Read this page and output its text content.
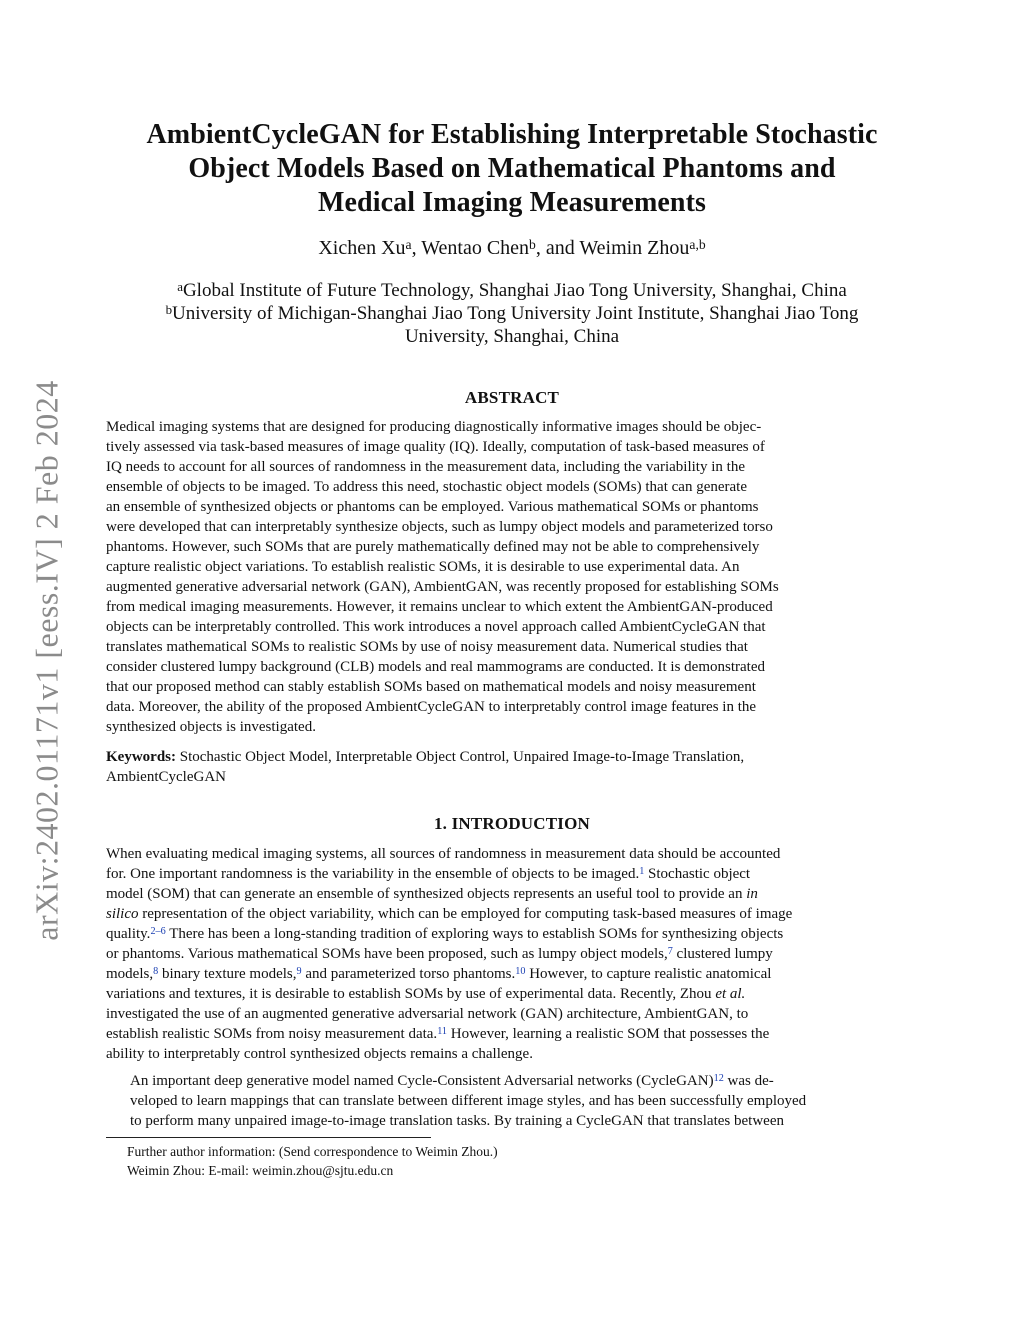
arXiv:2402.01171v1 [eess.IV] 2 Feb 2024
AmbientCycleGAN for Establishing Interpretable Stochastic
Object Models Based on Mathematical Phantoms and
Medical Imaging Measurements
Xichen Xu$^a$, Wentao Chen$^b$, and Weimin Zhou$^{a,b}$
$^a$Global Institute of Future Technology, Shanghai Jiao Tong University, Shanghai, China
$^b$University of Michigan-Shanghai Jiao Tong University Joint Institute, Shanghai Jiao Tong
University, Shanghai, China
ABSTRACT
Medical imaging systems that are designed for producing diagnostically informative images should be objec-
tively assessed via task-based measures of image quality (IQ). Ideally, computation of task-based measures of
IQ needs to account for all sources of randomness in the measurement data, including the variability in the
ensemble of objects to be imaged. To address this need, stochastic object models (SOMs) that can generate
an ensemble of synthesized objects or phantoms can be employed. Various mathematical SOMs or phantoms
were developed that can interpretably synthesize objects, such as lumpy object models and parameterized torso
phantoms. However, such SOMs that are purely mathematically defined may not be able to comprehensively
capture realistic object variations. To establish realistic SOMs, it is desirable to use experimental data. An
augmented generative adversarial network (GAN), AmbientGAN, was recently proposed for establishing SOMs
from medical imaging measurements. However, it remains unclear to which extent the AmbientGAN-produced
objects can be interpretably controlled. This work introduces a novel approach called AmbientCycleGAN that
translates mathematical SOMs to realistic SOMs by use of noisy measurement data. Numerical studies that
consider clustered lumpy background (CLB) models and real mammograms are conducted. It is demonstrated
that our proposed method can stably establish SOMs based on mathematical models and noisy measurement
data. Moreover, the ability of the proposed AmbientCycleGAN to interpretably control image features in the
synthesized objects is investigated.
Keywords: Stochastic Object Model, Interpretable Object Control, Unpaired Image-to-Image Translation,
AmbientCycleGAN
1. INTRODUCTION
When evaluating medical imaging systems, all sources of randomness in measurement data should be accounted
for. One important randomness is the variability in the ensemble of objects to be imaged.$^1$ Stochastic object
model (SOM) that can generate an ensemble of synthesized objects represents an useful tool to provide an in
silico representation of the object variability, which can be employed for computing task-based measures of image
quality.$^{2-6}$ There has been a long-standing tradition of exploring ways to establish SOMs for synthesizing objects
or phantoms. Various mathematical SOMs have been proposed, such as lumpy object models,$^7$ clustered lumpy
models,$^8$ binary texture models,$^9$ and parameterized torso phantoms.$^{10}$ However, to capture realistic anatomical
variations and textures, it is desirable to establish SOMs by use of experimental data. Recently, Zhou et al.
investigated the use of an augmented generative adversarial network (GAN) architecture, AmbientGAN, to
establish realistic SOMs from noisy measurement data.$^{11}$ However, learning a realistic SOM that possesses the
ability to interpretably control synthesized objects remains a challenge.
An important deep generative model named Cycle-Consistent Adversarial networks (CycleGAN)$^{12}$ was de-
veloped to learn mappings that can translate between different image styles, and has been successfully employed
to perform many unpaired image-to-image translation tasks. By training a CycleGAN that translates between
Further author information: (Send correspondence to Weimin Zhou.)
Weimin Zhou: E-mail: weimin.zhou@sjtu.edu.cn
